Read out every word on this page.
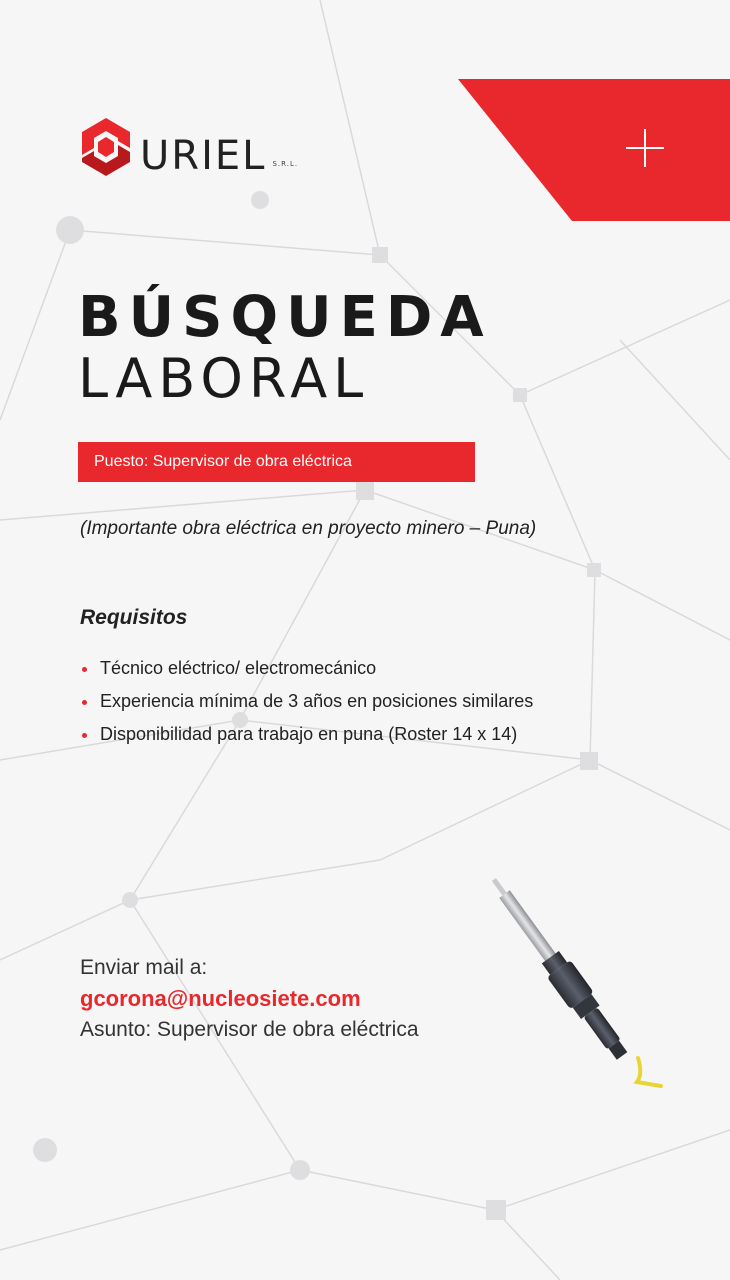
URIEL S.R.L.
BÚSQUEDA
LABORAL
Puesto: Supervisor de obra eléctrica
(Importante obra eléctrica en proyecto minero – Puna)
Requisitos
Técnico eléctrico/ electromecánico
Experiencia mínima de 3 años en posiciones similares
Disponibilidad para trabajo en puna (Roster 14 x 14)
Enviar mail a:
gcorona@nucleosiete.com
Asunto: Supervisor de obra eléctrica
